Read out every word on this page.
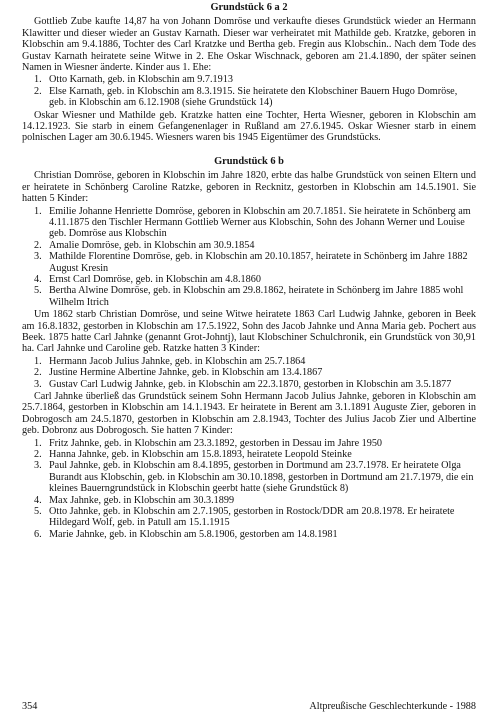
Grundstück 6 a 2

Gottlieb Zube kaufte 14,87 ha von Johann Domröse und verkaufte dieses Grundstück wieder an Hermann Klawitter und dieser wieder an Gustav Karnath. Dieser war verheiratet mit Mathilde geb. Kratzke, geboren in Klobschin am 9.4.1886, Tochter des Carl Kratzke und Bertha geb. Fregin aus Klobschin.. Nach dem Tode des Gustav Karnath heiratete seine Witwe in 2. Ehe Oskar Wischnack, geboren am 21.4.1890, der später seinen Namen in Wiesner änderte. Kinder aus 1. Ehe:

1. Otto Karnath, geb. in Klobschin am 9.7.1913
2. Else Karnath, geb. in Klobschin am 8.3.1915. Sie heiratete den Klobschiner Bauern Hugo Domröse, geb. in Klobschin am 6.12.1908 (siehe Grundstück 14)

Oskar Wiesner und Mathilde geb. Kratzke hatten eine Tochter, Herta Wiesner, geboren in Klobschin am 14.12.1923. Sie starb in einem Gefangenenlager in Rußland am 27.6.1945. Oskar Wiesner starb in einem polnischen Lager am 30.6.1945. Wiesners waren bis 1945 Eigentümer des Grundstücks.

Grundstück 6 b

Christian Domröse, geboren in Klobschin im Jahre 1820, erbte das halbe Grundstück von seinen Eltern und er heiratete in Schönberg Caroline Ratzke, geboren in Recknitz, gestorben in Klobschin am 14.5.1901. Sie hatten 5 Kinder:

1. Emilie Johanne Henriette Domröse, geboren in Klobschin am 20.7.1851. Sie heiratete in Schönberg am 4.11.1875 den Tischler Hermann Gottlieb Werner aus Klobschin, Sohn des Johann Werner und Louise geb. Domröse aus Klobschin
2. Amalie Domröse, geb. in Klobschin am 30.9.1854
3. Mathilde Florentine Domröse, geb. in Klobschin am 20.10.1857, heiratete in Schönberg im Jahre 1882 August Kresin
4. Ernst Carl Domröse, geb. in Klobschin am 4.8.1860
5. Bertha Alwine Domröse, geb. in Klobschin am 29.8.1862, heiratete in Schönberg im Jahre 1885 wohl Wilhelm Itrich

Um 1862 starb Christian Domröse, und seine Witwe heiratete 1863 Carl Ludwig Jahnke, geboren in Beek am 16.8.1832, gestorben in Klobschin am 17.5.1922, Sohn des Jacob Jahnke und Anna Maria geb. Pochert aus Beek. 1875 hatte Carl Jahnke (genannt Grot-Johntj), laut Klobschiner Schulchronik, ein Grundstück von 30,91 ha. Carl Jahnke und Caroline geb. Ratzke hatten 3 Kinder:

1. Hermann Jacob Julius Jahnke, geb. in Klobschin am 25.7.1864
2. Justine Hermine Albertine Jahnke, geb. in Klobschin am 13.4.1867
3. Gustav Carl Ludwig Jahnke, geb. in Klobschin am 22.3.1870, gestorben in Klobschin am 3.5.1877

Carl Jahnke überließ das Grundstück seinem Sohn Hermann Jacob Julius Jahnke, geboren in Klobschin am 25.7.1864, gestorben in Klobschin am 14.1.1943. Er heiratete in Berent am 3.1.1891 Auguste Zier, geboren in Dobrogosch am 24.5.1870, gestorben in Klobschin am 2.8.1943, Tochter des Julius Jacob Zier und Albertine geb. Dobronz aus Dobrogosch. Sie hatten 7 Kinder:

1. Fritz Jahnke, geb. in Klobschin am 23.3.1892, gestorben in Dessau im Jahre 1950
2. Hanna Jahnke, geb. in Klobschin am 15.8.1893, heiratete Leopold Steinke
3. Paul Jahnke, geb. in Klobschin am 8.4.1895, gestorben in Dortmund am 23.7.1978. Er heiratete Olga Burandt aus Klobschin, geb. in Klobschin am 30.10.1898, gestorben in Dortmund am 21.7.1979, die ein kleines Bauerngrundstück in Klobschin geerbt hatte (siehe Grundstück 8)
4. Max Jahnke, geb. in Klobschin am 30.3.1899
5. Otto Jahnke, geb. in Klobschin am 2.7.1905, gestorben in Rostock/DDR am 20.8.1978. Er heiratete Hildegard Wolf, geb. in Patull am 15.1.1915
6. Marie Jahnke, geb. in Klobschin am 5.8.1906, gestorben am 14.8.1981
354	Altpreußische Geschlechterkunde - 1988
